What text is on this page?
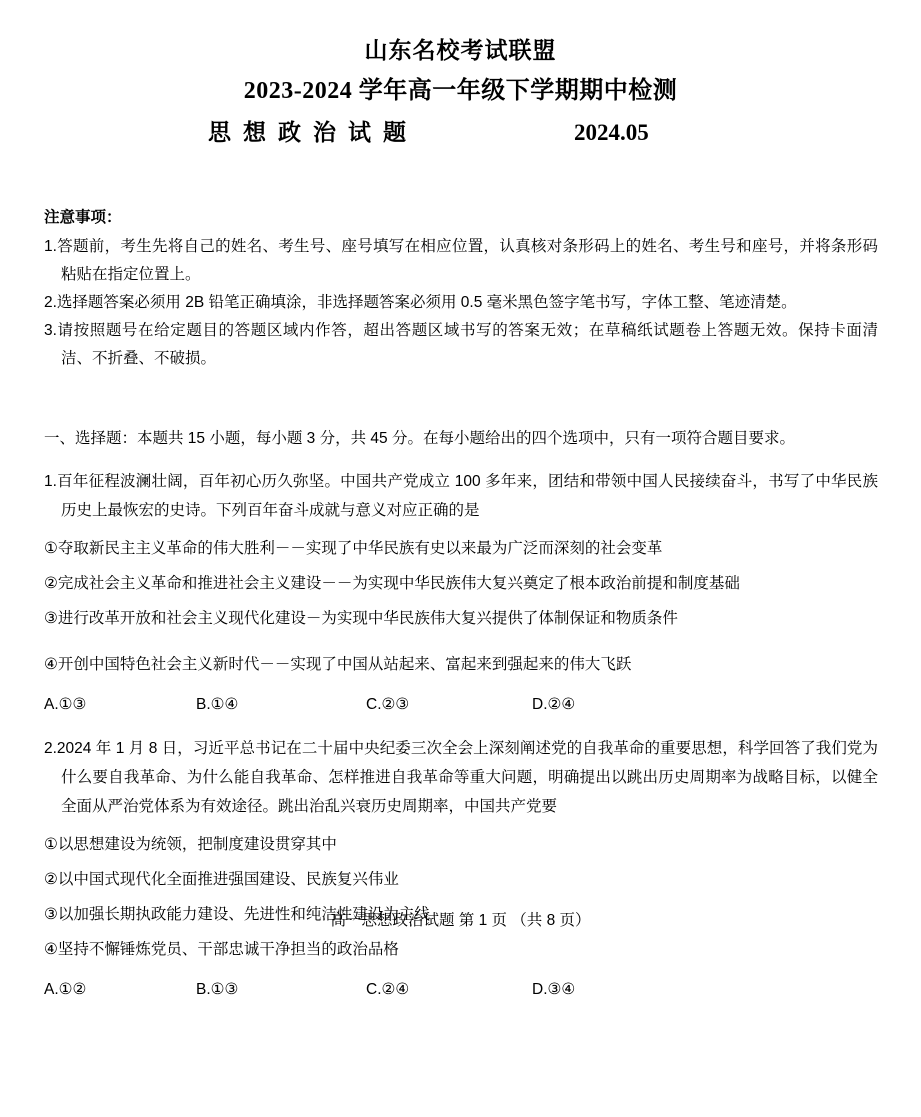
山东名校考试联盟
2023-2024 学年高一年级下学期期中检测
思想政治试题	2024.05
注意事项：
1.答题前，考生先将自己的姓名、考生号、座号填写在相应位置，认真核对条形码上的姓名、考生号和座号，并将条形码粘贴在指定位置上。
2.选择题答案必须用 2B 铅笔正确填涂，非选择题答案必须用 0.5 毫米黑色签字笔书写，字体工整、笔迹清楚。
3.请按照题号在给定题目的答题区域内作答，超出答题区域书写的答案无效；在草稿纸试题卷上答题无效。保持卡面清洁、不折叠、不破损。
一、选择题：本题共 15 小题，每小题 3 分，共 45 分。在每小题给出的四个选项中，只有一项符合题目要求。
1.百年征程波澜壮阔，百年初心历久弥坚。中国共产党成立 100 多年来，团结和带领中国人民接续奋斗，书写了中华民族历史上最恢宏的史诗。下列百年奋斗成就与意义对应正确的是
①夺取新民主主义革命的伟大胜利－－实现了中华民族有史以来最为广泛而深刻的社会变革
②完成社会主义革命和推进社会主义建设－－为实现中华民族伟大复兴奠定了根本政治前提和制度基础
③进行改革开放和社会主义现代化建设－为实现中华民族伟大复兴提供了体制保证和物质条件
④开创中国特色社会主义新时代－－实现了中国从站起来、富起来到强起来的伟大飞跃
A.①③	B.①④	C.②③	D.②④
2.2024 年 1 月 8 日，习近平总书记在二十届中央纪委三次全会上深刻阐述党的自我革命的重要思想，科学回答了我们党为什么要自我革命、为什么能自我革命、怎样推进自我革命等重大问题，明确提出以跳出历史周期率为战略目标，以健全全面从严治党体系为有效途径。跳出治乱兴衰历史周期率，中国共产党要
①以思想建设为统领，把制度建设贯穿其中
②以中国式现代化全面推进强国建设、民族复兴伟业
③以加强长期执政能力建设、先进性和纯洁性建设为主线
④坚持不懈锤炼党员、干部忠诚干净担当的政治品格
A.①②	B.①③	C.②④	D.③④
高一思想政治试题 第 1 页 （共 8 页）
